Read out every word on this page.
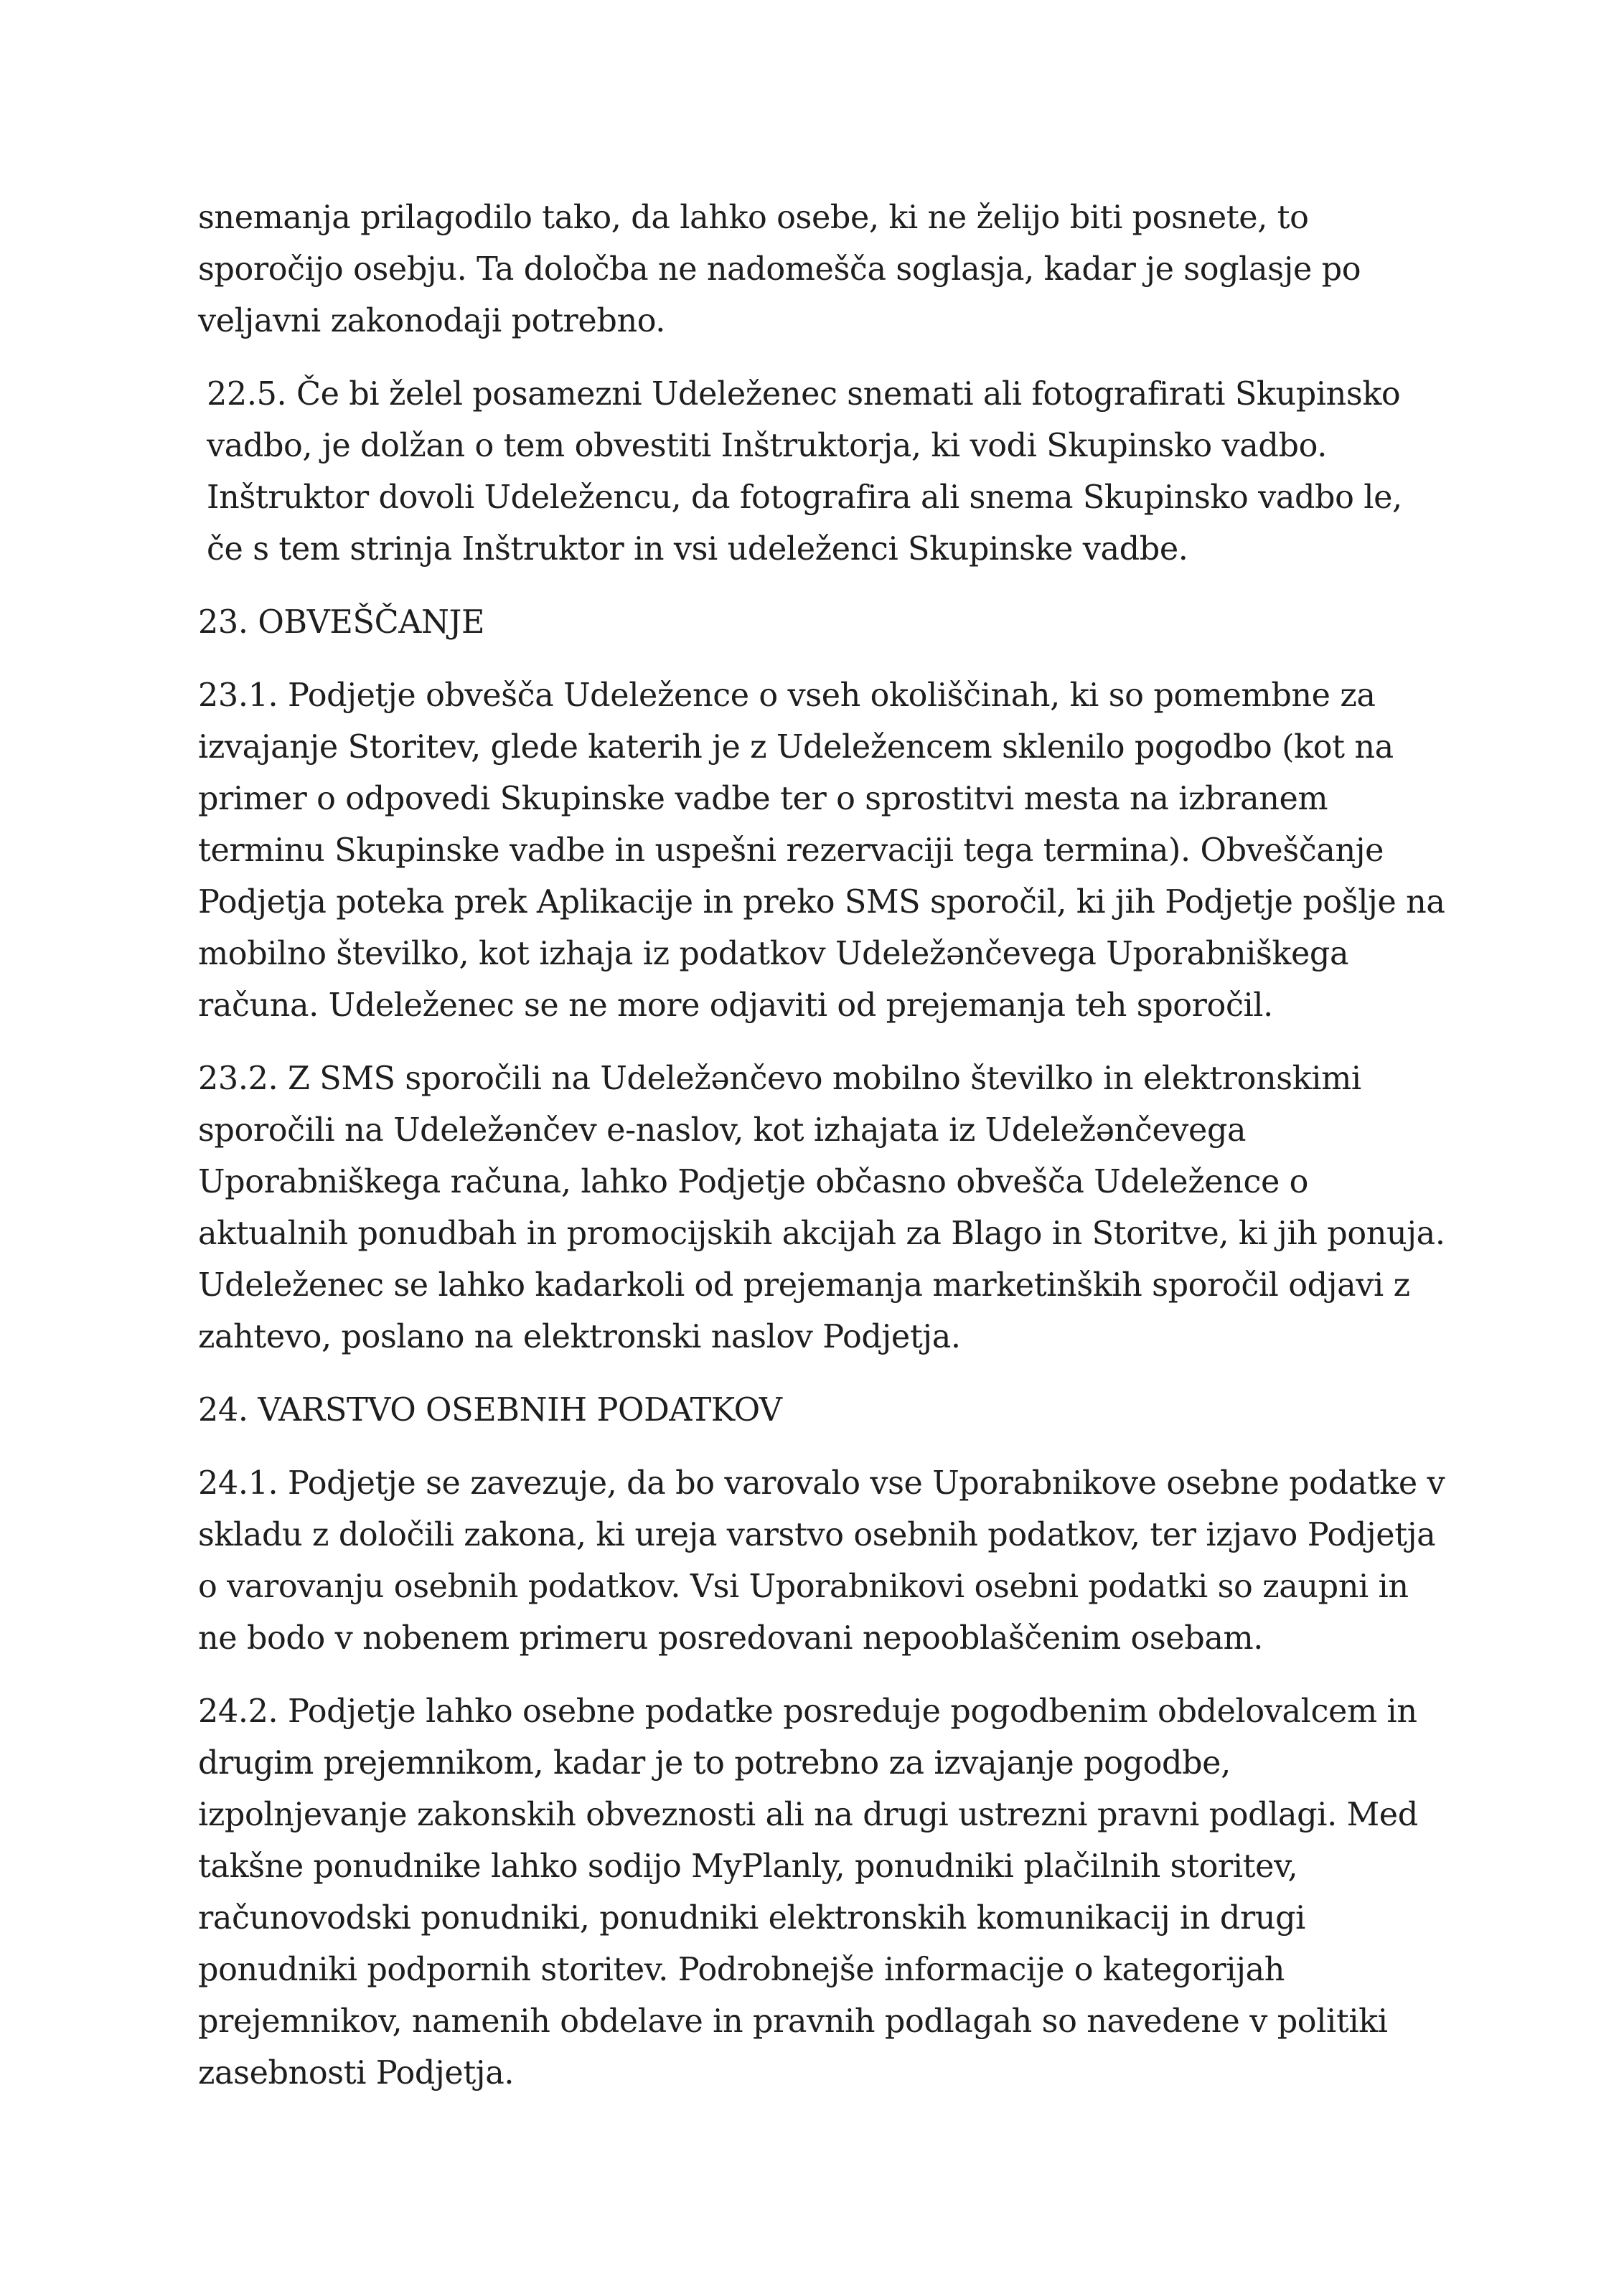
snemanja prilagodilo tako, da lahko osebe, ki ne želijo biti posnete, to sporočijo osebju. Ta določba ne nadomešča soglasja, kadar je soglasje po veljavni zakonodaji potrebno.

22.5. Če bi želel posamezni Udeleženec snemati ali fotografirati Skupinsko vadbo, je dolžan o tem obvestiti Inštruktorja, ki vodi Skupinsko vadbo. Inštruktor dovoli Udeležencu, da fotografira ali snema Skupinsko vadbo le, če s tem strinja Inštruktor in vsi udeleženci Skupinske vadbe.

23. OBVEŠČANJE

23.1. Podjetje obvešča Udeležence o vseh okoliščinah, ki so pomembne za izvajanje Storitev, glede katerih je z Udeležencem sklenilo pogodbo (kot na primer o odpovedi Skupinske vadbe ter o sprostitvi mesta na izbranem terminu Skupinske vadbe in uspešni rezervaciji tega termina). Obveščanje Podjetja poteka prek Aplikacije in preko SMS sporočil, ki jih Podjetje pošlje na mobilno številko, kot izhaja iz podatkov Udeležənčevega Uporabniškega računa. Udeleženec se ne more odjaviti od prejemanja teh sporočil.

23.2. Z SMS sporočili na Udeležənčevo mobilno številko in elektronskimi sporočili na Udeležənčev e-naslov, kot izhajata iz Udeležənčevega Uporabniškega računa, lahko Podjetje občasno obvešča Udeležence o aktualnih ponudbah in promocijskih akcijah za Blago in Storitve, ki jih ponuja. Udeleženec se lahko kadarkoli od prejemanja marketinških sporočil odjavi z zahtevo, poslano na elektronski naslov Podjetja.

24. VARSTVO OSEBNIH PODATKOV

24.1. Podjetje se zavezuje, da bo varovalo vse Uporabnikove osebne podatke v skladu z določili zakona, ki ureja varstvo osebnih podatkov, ter izjavo Podjetja o varovanju osebnih podatkov. Vsi Uporabnikovi osebni podatki so zaupni in ne bodo v nobenem primeru posredovani nepooblaščenim osebam.

24.2. Podjetje lahko osebne podatke posreduje pogodbenim obdelovalcem in drugim prejemnikom, kadar je to potrebno za izvajanje pogodbe, izpolnjevanje zakonskih obveznosti ali na drugi ustrezni pravni podlagi. Med takšne ponudnike lahko sodijo MyPlanly, ponudniki plačilnih storitev, računovodski ponudniki, ponudniki elektronskih komunikacij in drugi ponudniki podpornih storitev. Podrobnejše informacije o kategorijah prejemnikov, namenih obdelave in pravnih podlagah so navedene v politiki zasebnosti Podjetja.
